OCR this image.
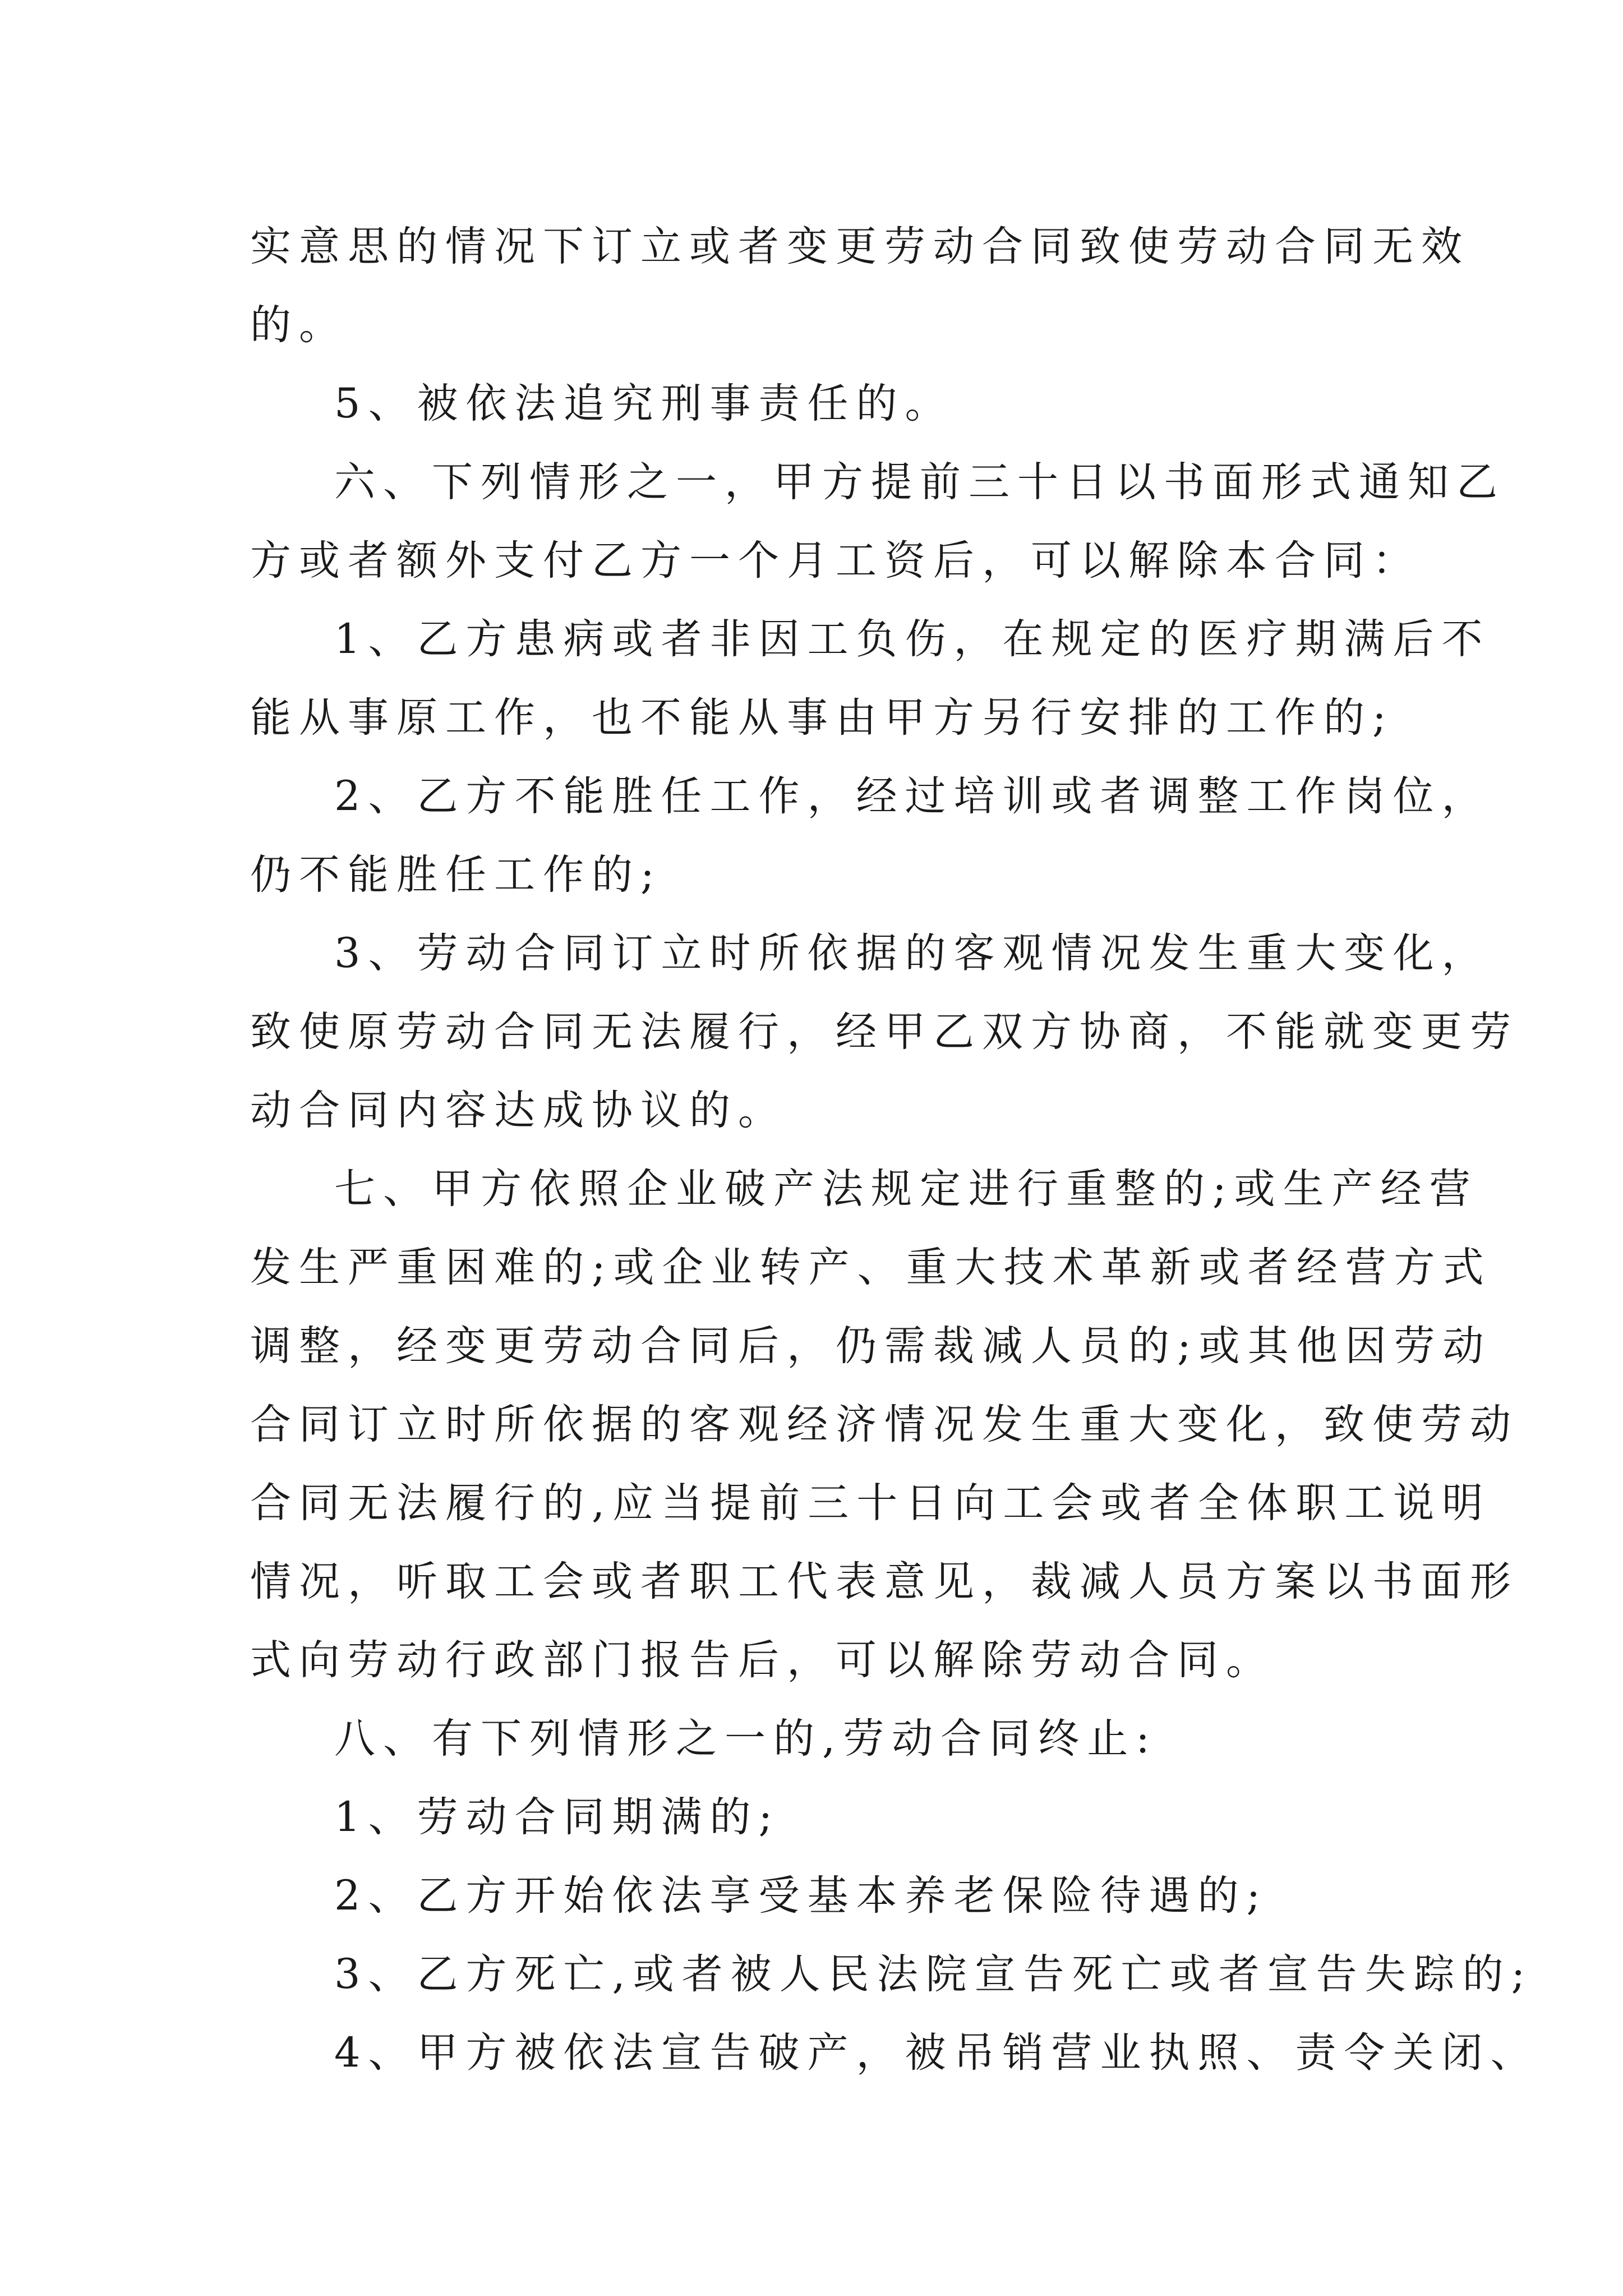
实意思的情况下订立或者变更劳动合同致使劳动合同无效
的。
5、被依法追究刑事责任的。
六、下列情形之一，甲方提前三十日以书面形式通知乙
方或者额外支付乙方一个月工资后，可以解除本合同：
1、乙方患病或者非因工负伤，在规定的医疗期满后不
能从事原工作，也不能从事由甲方另行安排的工作的;
2、乙方不能胜任工作，经过培训或者调整工作岗位，
仍不能胜任工作的;
3、劳动合同订立时所依据的客观情况发生重大变化，
致使原劳动合同无法履行，经甲乙双方协商，不能就变更劳
动合同内容达成协议的。
七、甲方依照企业破产法规定进行重整的;或生产经营
发生严重困难的;或企业转产、重大技术革新或者经营方式
调整，经变更劳动合同后，仍需裁减人员的;或其他因劳动
合同订立时所依据的客观经济情况发生重大变化，致使劳动
合同无法履行的,应当提前三十日向工会或者全体职工说明
情况，听取工会或者职工代表意见，裁减人员方案以书面形
式向劳动行政部门报告后，可以解除劳动合同。
八、有下列情形之一的,劳动合同终止:
1、劳动合同期满的;
2、乙方开始依法享受基本养老保险待遇的;
3、乙方死亡,或者被人民法院宣告死亡或者宣告失踪的;
4、甲方被依法宣告破产，被吊销营业执照、责令关闭、
